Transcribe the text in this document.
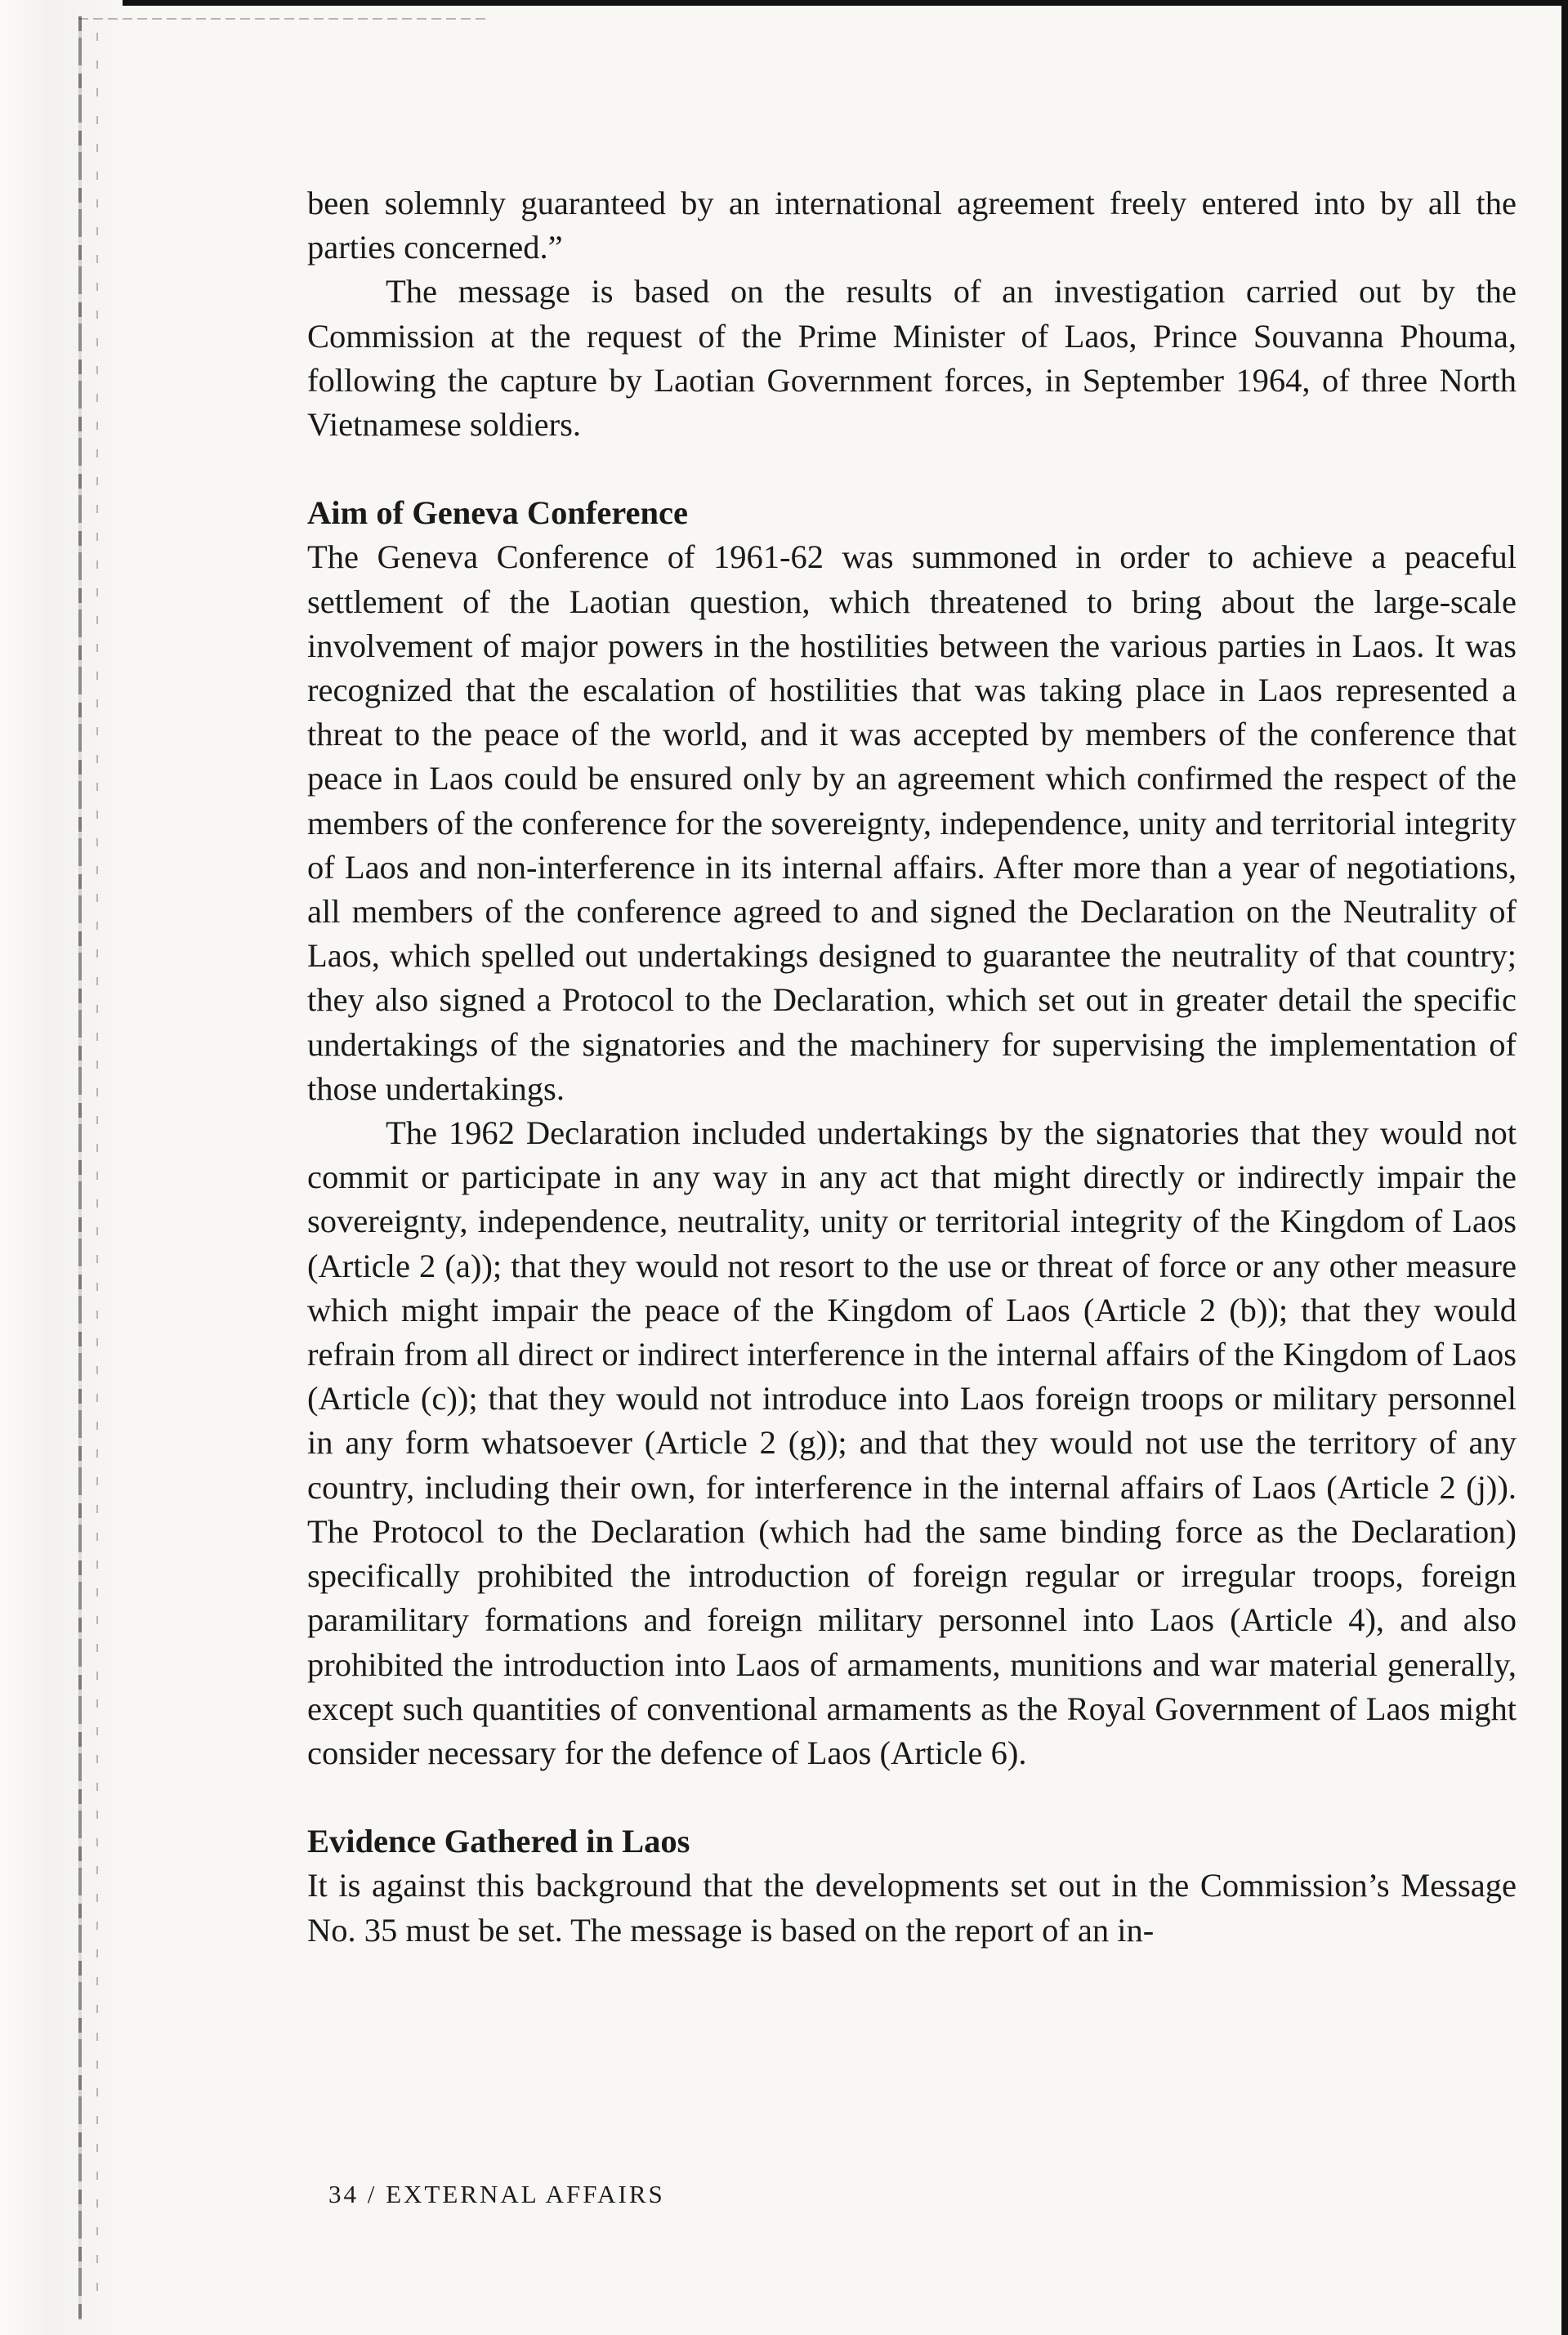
been solemnly guaranteed by an international agreement freely entered into by all the parties concerned.”

The message is based on the results of an investigation carried out by the Commission at the request of the Prime Minister of Laos, Prince Souvanna Phouma, following the capture by Laotian Government forces, in September 1964, of three North Vietnamese soldiers.

Aim of Geneva Conference

The Geneva Conference of 1961-62 was summoned in order to achieve a peaceful settlement of the Laotian question, which threatened to bring about the large-scale involvement of major powers in the hostilities between the various parties in Laos. It was recognized that the escalation of hostilities that was taking place in Laos represented a threat to the peace of the world, and it was accepted by members of the conference that peace in Laos could be ensured only by an agreement which confirmed the respect of the members of the conference for the sovereignty, independence, unity and territorial integrity of Laos and non-interference in its internal affairs. After more than a year of negotiations, all members of the conference agreed to and signed the Declaration on the Neutrality of Laos, which spelled out undertakings designed to guarantee the neutrality of that country; they also signed a Protocol to the Declaration, which set out in greater detail the specific undertakings of the signatories and the machinery for supervising the implementation of those undertakings.

The 1962 Declaration included undertakings by the signatories that they would not commit or participate in any way in any act that might directly or indirectly impair the sovereignty, independence, neutrality, unity or territorial integrity of the Kingdom of Laos (Article 2 (a)); that they would not resort to the use or threat of force or any other measure which might impair the peace of the Kingdom of Laos (Article 2 (b)); that they would refrain from all direct or indirect interference in the internal affairs of the Kingdom of Laos (Article (c)); that they would not introduce into Laos foreign troops or military personnel in any form whatsoever (Article 2 (g)); and that they would not use the territory of any country, including their own, for interference in the internal affairs of Laos (Article 2 (j)). The Protocol to the Declaration (which had the same binding force as the Declaration) specifically prohibited the introduction of foreign regular or irregular troops, foreign paramilitary formations and foreign military personnel into Laos (Article 4), and also prohibited the introduction into Laos of armaments, munitions and war material generally, except such quantities of conventional armaments as the Royal Government of Laos might consider necessary for the defence of Laos (Article 6).

Evidence Gathered in Laos

It is against this background that the developments set out in the Commission’s Message No. 35 must be set. The message is based on the report of an in-

34 / EXTERNAL AFFAIRS
